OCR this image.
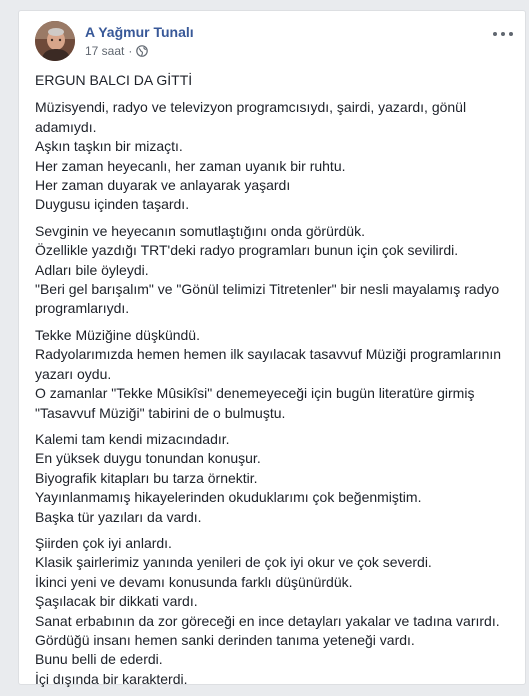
A Yağmur Tunalı
17 saat ·
ERGUN BALCI DA GİTTİ
Müzisyendi, radyo ve televizyon programcısıydı, şairdi, yazardı, gönül adamıydı.
Aşkın taşkın bir mizaçtı.
Her zaman heyecanlı, her zaman uyanık bir ruhtu.
Her zaman duyarak ve anlayarak yaşardı
Duygusu içinden taşardı.
Sevginin ve heyecanın somutlaştığını onda görürdük.
Özellikle yazdığı TRT'deki radyo programları bunun için çok sevilirdi.
Adları bile öyleydi.
"Beri gel barışalım" ve "Gönül telimizi Titretenler" bir nesli mayalamış radyo programlarıydı.
Tekke Müziğine düşkündü.
Radyolarımızda hemen hemen ilk sayılacak tasavvuf Müziği programlarının yazarı oydu.
O zamanlar "Tekke Mûsikîsi" denemeyeceği için bugün literatüre girmiş "Tasavvuf Müziği" tabirini de o bulmuştu.
Kalemi tam kendi mizacındadır.
En yüksek duygu tonundan konuşur.
Biyografik kitapları bu tarza örnektir.
Yayınlanmamış hikayelerinden okuduklarımı çok beğenmiştim.
Başka tür yazıları da vardı.
Şiirden çok iyi anlardı.
Klasik şairlerimiz yanında yenileri de çok iyi okur ve çok severdi.
İkinci yeni ve devamı konusunda farklı düşünürdük.
Şaşılacak bir dikkati vardı.
Sanat erbabının da zor göreceği en ince detayları yakalar ve tadına varırdı.
Gördüğü insanı hemen sanki derinden tanıma yeteneği vardı.
Bunu belli de ederdi.
İçi dışında bir karakterdi.
